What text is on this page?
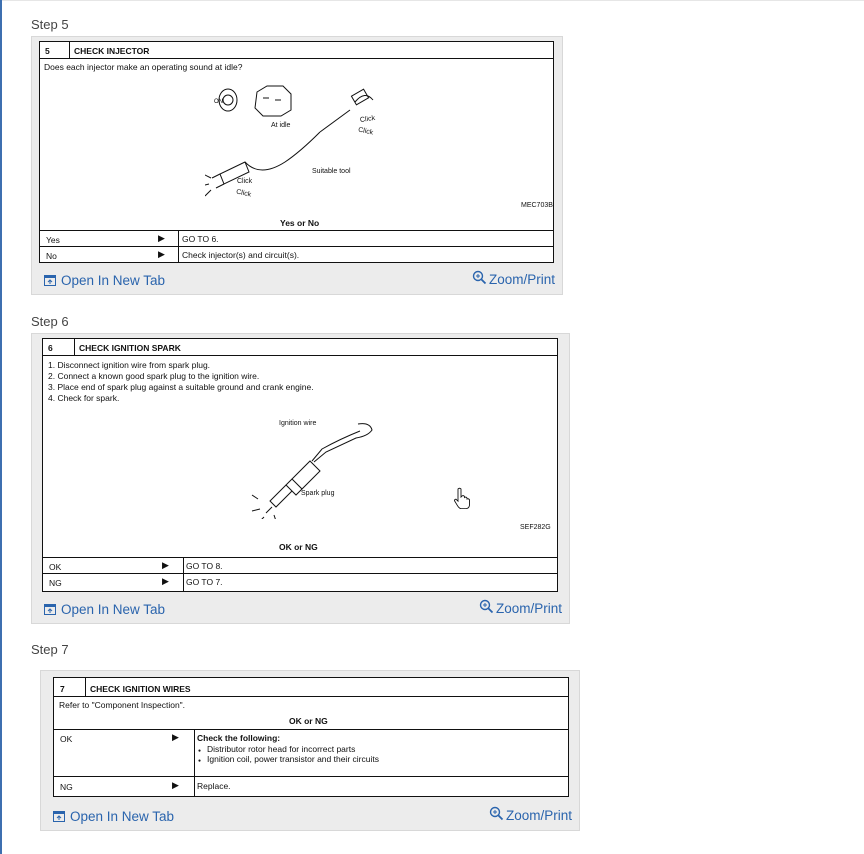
Step 5
5	CHECK INJECTOR
Does each injector make an operating sound at idle?
ON
At idle
Click
Click
Click
Click
Suitable tool
MEC703B
Yes or No
Yes	▶ GO TO 6.
No	▶ Check injector(s) and circuit(s).
Open In New Tab	Zoom/Print
Step 6
6	CHECK IGNITION SPARK
1. Disconnect ignition wire from spark plug.
2. Connect a known good spark plug to the ignition wire.
3. Place end of spark plug against a suitable ground and crank engine.
4. Check for spark.
Ignition wire
Spark plug
SEF282G
OK or NG
OK	▶ GO TO 8.
NG	▶ GO TO 7.
Open In New Tab	Zoom/Print
Step 7
7	CHECK IGNITION WIRES
Refer to "Component Inspection".
OK or NG
OK	▶ Check the following:
● Distributor rotor head for incorrect parts
● Ignition coil, power transistor and their circuits
NG	▶ Replace.
Open In New Tab	Zoom/Print
